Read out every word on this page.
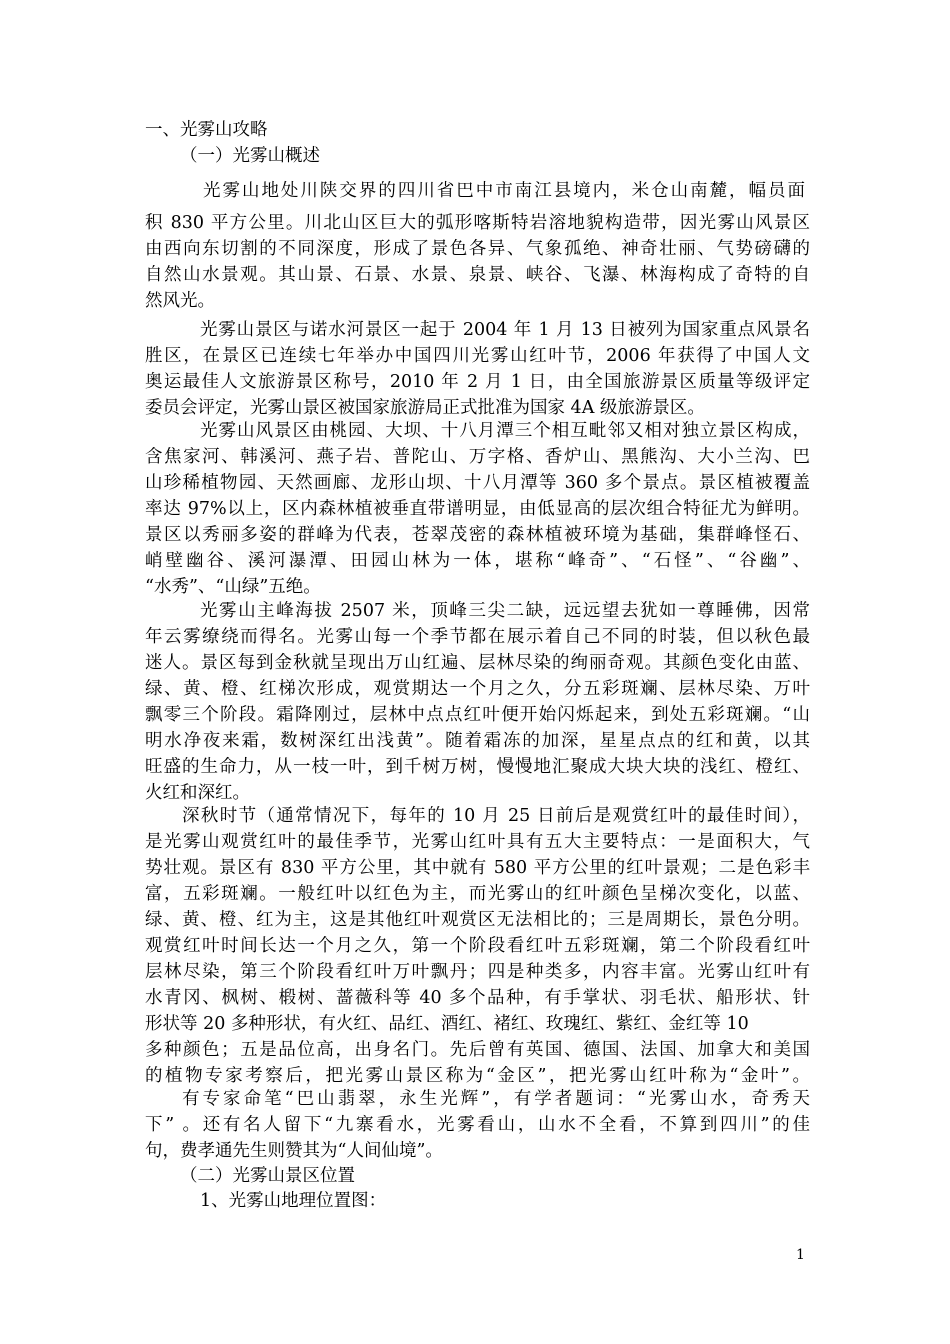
一、光雾山攻略
（一）光雾山概述
光雾山地处川陕交界的四川省巴中市南江县境内，米仓山南麓，幅员面
积 830 平方公里。川北山区巨大的弧形喀斯特岩溶地貌构造带，因光雾山风景区
由西向东切割的不同深度，形成了景色各异、气象孤绝、神奇壮丽、气势磅礴的
自然山水景观。其山景、石景、水景、泉景、峡谷、飞瀑、林海构成了奇特的自
然风光。
光雾山景区与诺水河景区一起于 2004 年 1 月 13 日被列为国家重点风景名
胜区，在景区已连续七年举办中国四川光雾山红叶节，2006 年获得了中国人文
奥运最佳人文旅游景区称号，2010 年 2 月 1 日，由全国旅游景区质量等级评定
委员会评定，光雾山景区被国家旅游局正式批准为国家 4A 级旅游景区。
光雾山风景区由桃园、大坝、十八月潭三个相互毗邻又相对独立景区构成，
含焦家河、韩溪河、燕子岩、普陀山、万字格、香炉山、黑熊沟、大小兰沟、巴
山珍稀植物园、天然画廊、龙形山坝、十八月潭等 360 多个景点。景区植被覆盖
率达 97%以上，区内森林植被垂直带谱明显，由低显高的层次组合特征尤为鲜明。
景区以秀丽多姿的群峰为代表，苍翠茂密的森林植被环境为基础，集群峰怪石、
峭壁幽谷、溪河瀑潭、田园山林为一体，堪称“峰奇”、“石怪”、“谷幽”、
“水秀”、“山绿”五绝。
光雾山主峰海拔 2507 米，顶峰三尖二缺，远远望去犹如一尊睡佛，因常
年云雾缭绕而得名。光雾山每一个季节都在展示着自己不同的时装，但以秋色最
迷人。景区每到金秋就呈现出万山红遍、层林尽染的绚丽奇观。其颜色变化由蓝、
绿、黄、橙、红梯次形成，观赏期达一个月之久，分五彩斑斓、层林尽染、万叶
飘零三个阶段。霜降刚过，层林中点点红叶便开始闪烁起来，到处五彩斑斓。“山
明水净夜来霜，数树深红出浅黄”。随着霜冻的加深，星星点点的红和黄，以其
旺盛的生命力，从一枝一叶，到千树万树，慢慢地汇聚成大块大块的浅红、橙红、
火红和深红。
深秋时节（通常情况下，每年的 10 月 25 日前后是观赏红叶的最佳时间），
是光雾山观赏红叶的最佳季节，光雾山红叶具有五大主要特点：一是面积大，气
势壮观。景区有 830 平方公里，其中就有 580 平方公里的红叶景观；二是色彩丰
富，五彩斑斓。一般红叶以红色为主，而光雾山的红叶颜色呈梯次变化，以蓝、
绿、黄、橙、红为主，这是其他红叶观赏区无法相比的；三是周期长，景色分明。
观赏红叶时间长达一个月之久，第一个阶段看红叶五彩斑斓，第二个阶段看红叶
层林尽染，第三个阶段看红叶万叶飘丹；四是种类多，内容丰富。光雾山红叶有
水青冈、枫树、椴树、蔷薇科等 40 多个品种，有手掌状、羽毛状、船形状、针
形状等 20 多种形状，有火红、品红、酒红、褚红、玫瑰红、紫红、金红等 10
多种颜色；五是品位高，出身名门。先后曾有英国、德国、法国、加拿大和美国
的植物专家考察后，把光雾山景区称为“金区”，把光雾山红叶称为“金叶”。
有专家命笔“巴山翡翠，永生光辉”，有学者题词：“光雾山水，奇秀天
下” 。还有名人留下“九寨看水，光雾看山，山水不全看，不算到四川”的佳
句，费孝通先生则赞其为“人间仙境”。
（二）光雾山景区位置
1、光雾山地理位置图：
1
